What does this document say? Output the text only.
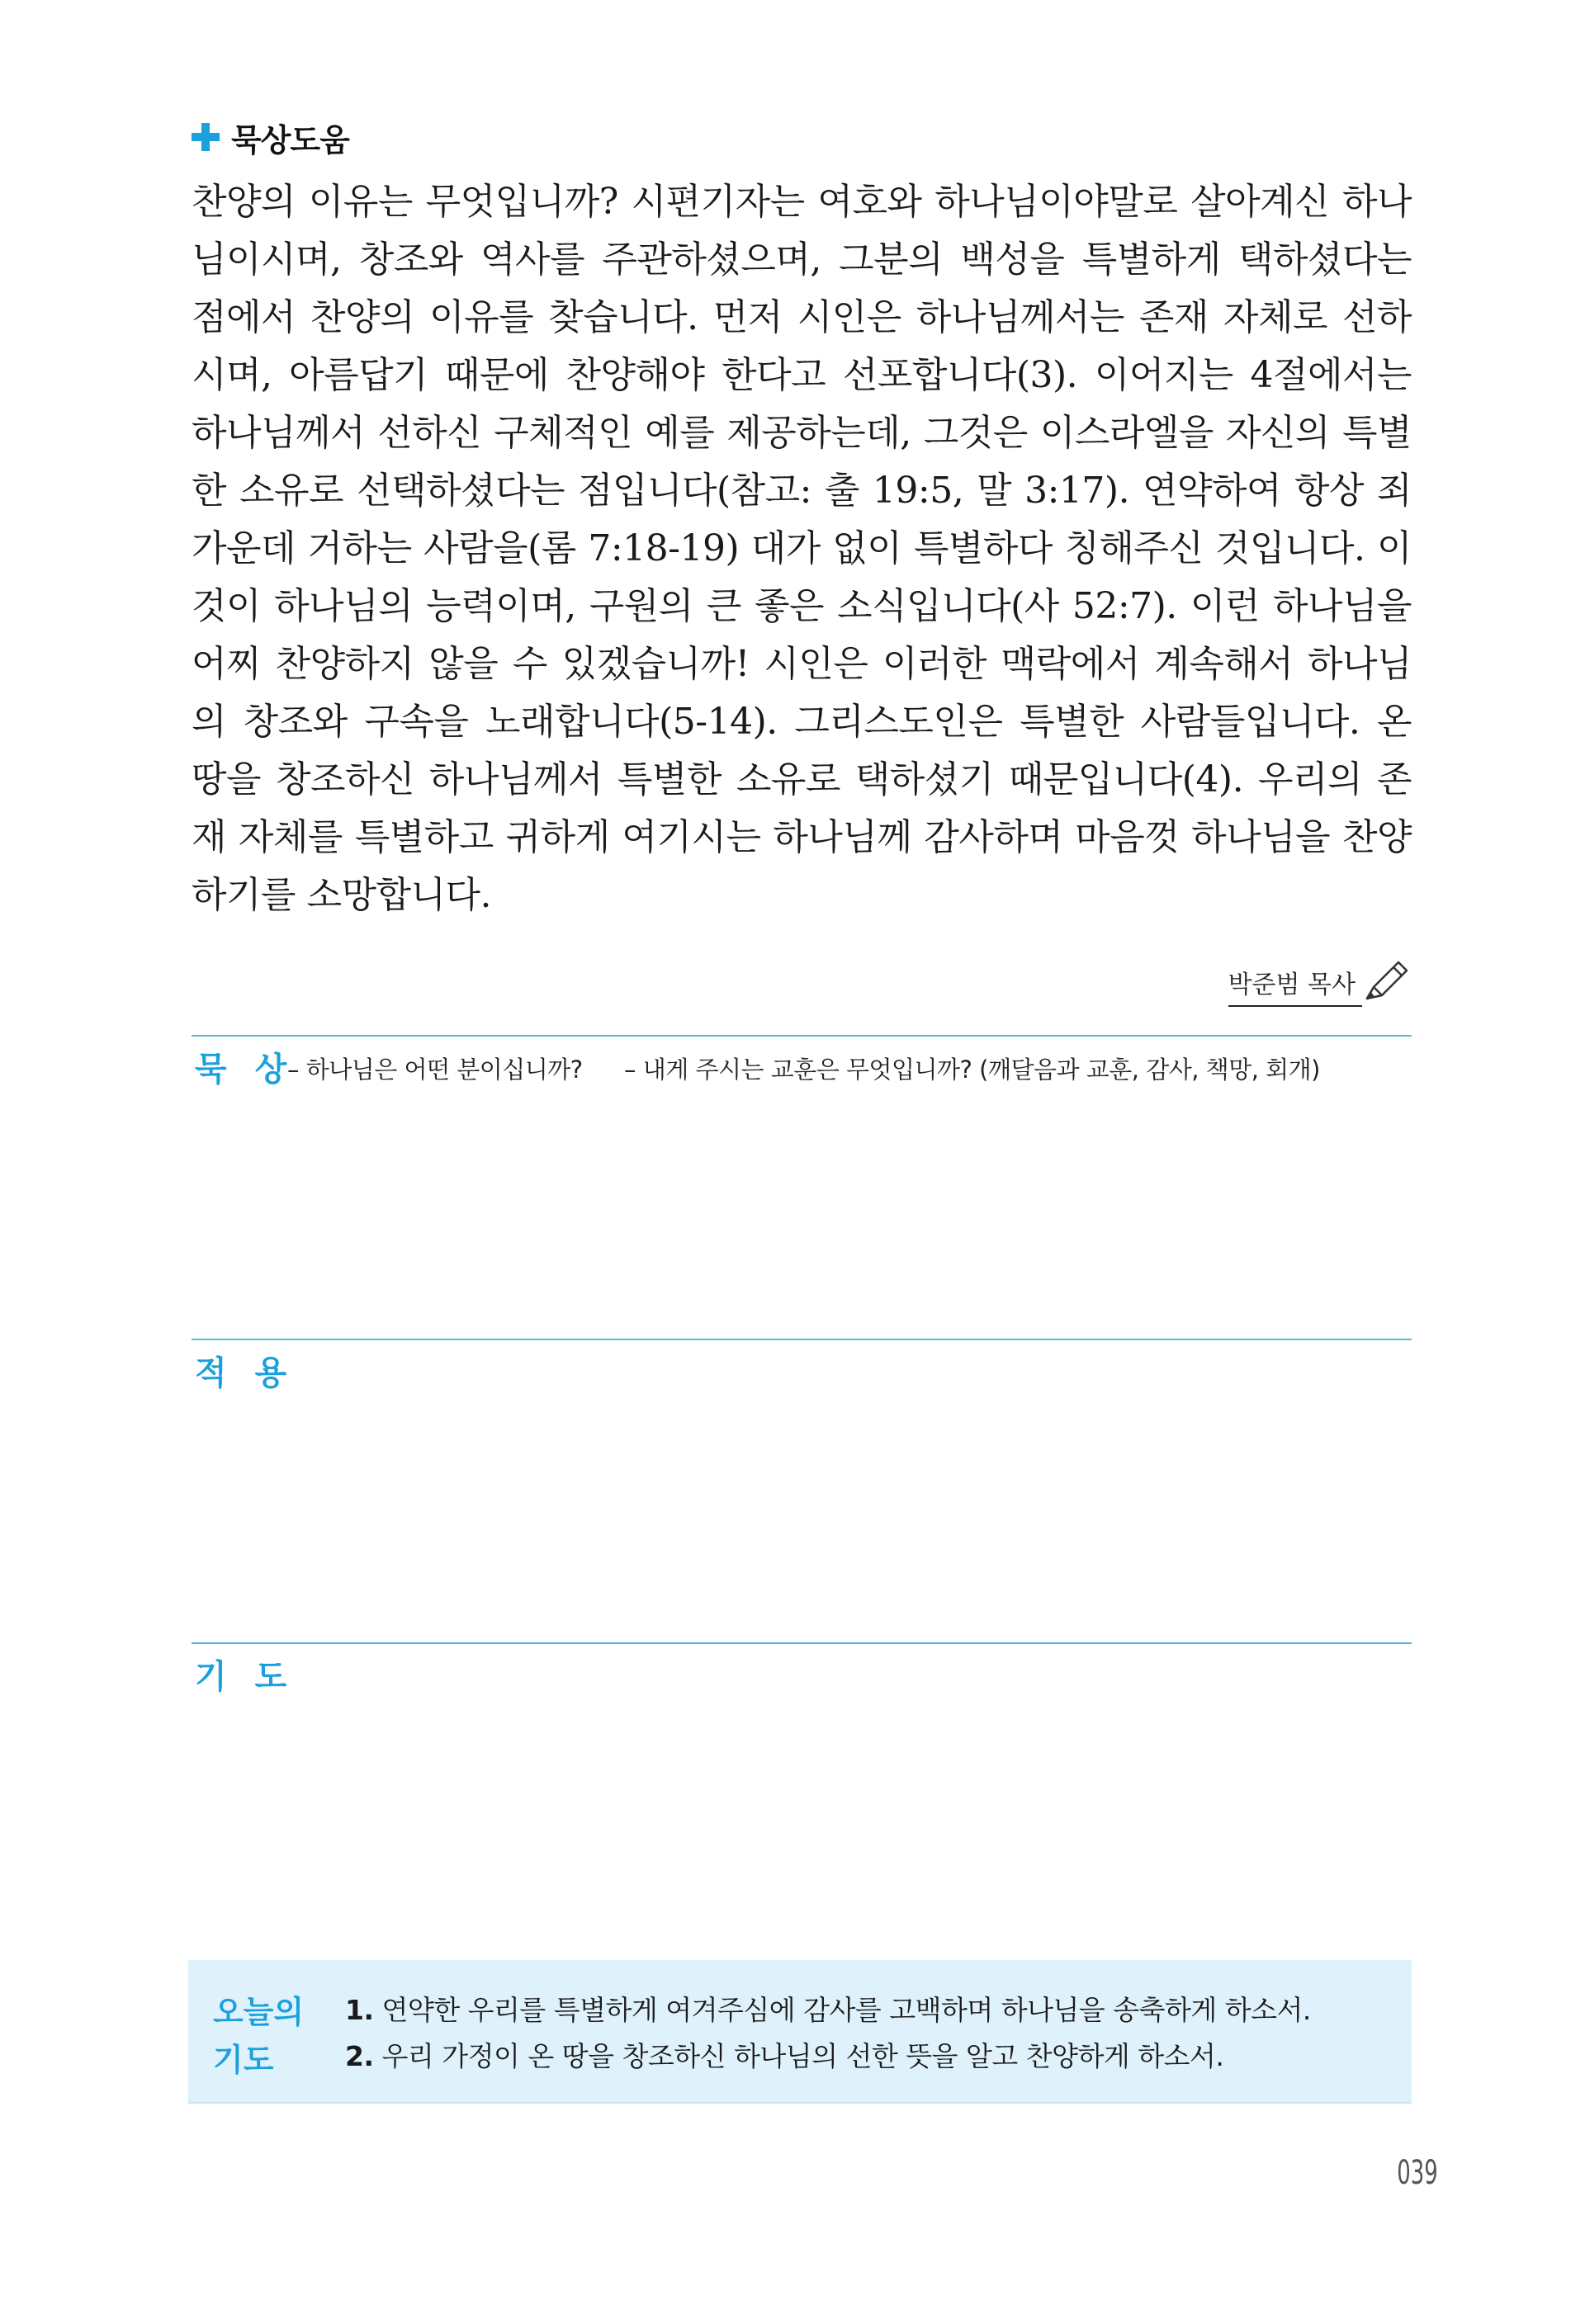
묵상도움
찬양의 이유는 무엇입니까? 시편기자는 여호와 하나님이야말로 살아계신 하나님이시며, 창조와 역사를 주관하셨으며, 그분의 백성을 특별하게 택하셨다는 점에서 찬양의 이유를 찾습니다. 먼저 시인은 하나님께서는 존재 자체로 선하시며, 아름답기 때문에 찬양해야 한다고 선포합니다(3). 이어지는 4절에서는 하나님께서 선하신 구체적인 예를 제공하는데, 그것은 이스라엘을 자신의 특별한 소유로 선택하셨다는 점입니다(참고: 출 19:5, 말 3:17). 연약하여 항상 죄 가운데 거하는 사람을(롬 7:18-19) 대가 없이 특별하다 칭해주신 것입니다. 이것이 하나님의 능력이며, 구원의 큰 좋은 소식입니다(사 52:7). 이런 하나님을 어찌 찬양하지 않을 수 있겠습니까! 시인은 이러한 맥락에서 계속해서 하나님의 창조와 구속을 노래합니다(5-14). 그리스도인은 특별한 사람들입니다. 온 땅을 창조하신 하나님께서 특별한 소유로 택하셨기 때문입니다(4). 우리의 존재 자체를 특별하고 귀하게 여기시는 하나님께 감사하며 마음껏 하나님을 찬양하기를 소망합니다.
박준범 목사
묵 상
– 하나님은 어떤 분이십니까? – 내게 주시는 교훈은 무엇입니까? (깨달음과 교훈, 감사, 책망, 회개)
적 용
기 도
오늘의
기도
1. 연약한 우리를 특별하게 여겨주심에 감사를 고백하며 하나님을 송축하게 하소서.
2. 우리 가정이 온 땅을 창조하신 하나님의 선한 뜻을 알고 찬양하게 하소서.
039
